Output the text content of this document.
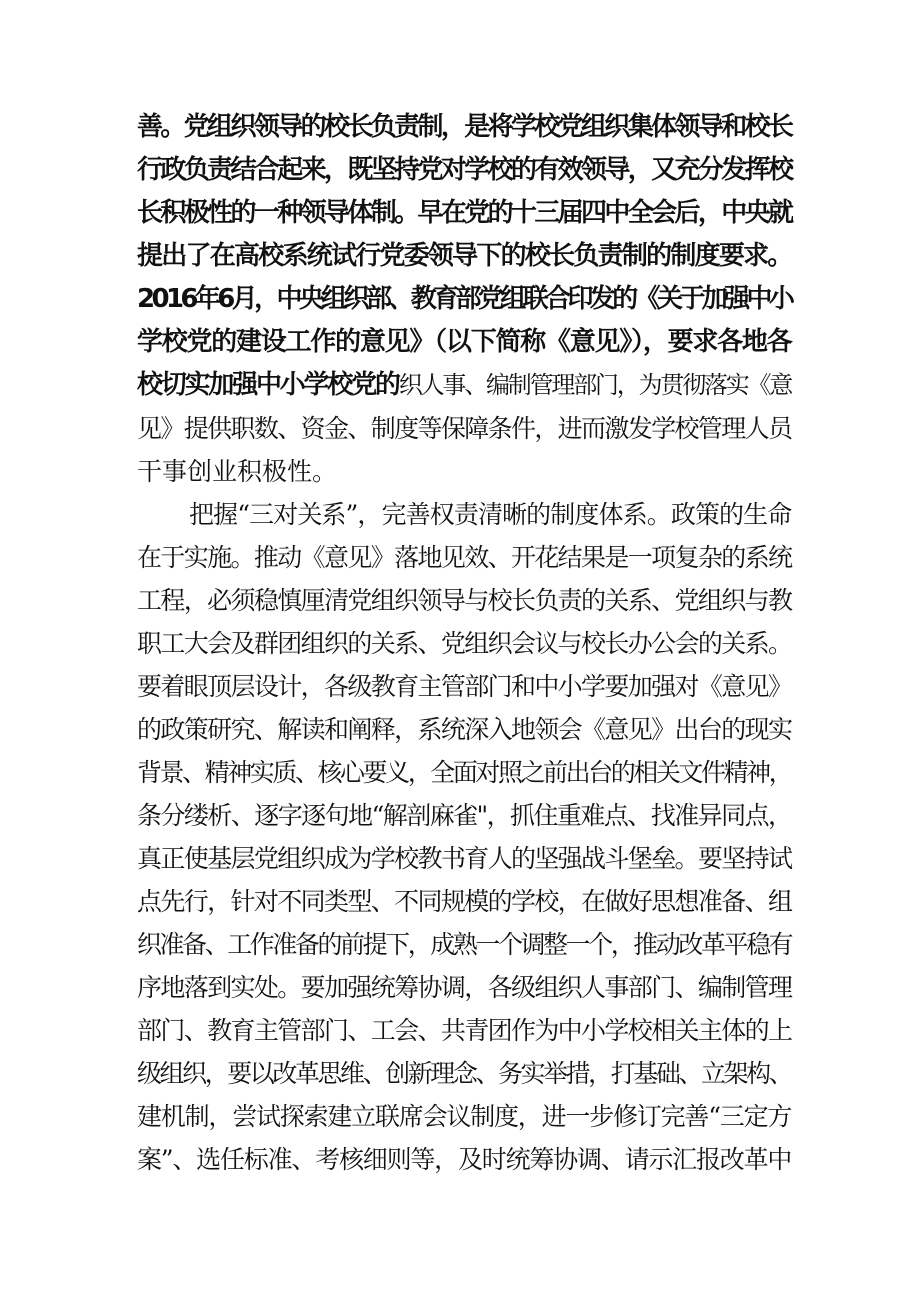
善。党组织领导的校长负责制，是将学校党组织集体领导和校长
行政负责结合起来，既坚持党对学校的有效领导，又充分发挥校
长积极性的一种领导体制。早在党的十三届四中全会后，中央就
提出了在高校系统试行党委领导下的校长负责制的制度要求。
2016年6月，中央组织部、教育部党组联合印发的《关于加强中小
学校党的建设工作的意见》（以下简称《意见》），要求各地各
校切实加强中小学校党的织人事、编制管理部门，为贯彻落实《意
见》提供职数、资金、制度等保障条件，进而激发学校管理人员
干事创业积极性。
把握“三对关系”，完善权责清晰的制度体系。政策的生命
在于实施。推动《意见》落地见效、开花结果是一项复杂的系统
工程，必须稳慎厘清党组织领导与校长负责的关系、党组织与教
职工大会及群团组织的关系、党组织会议与校长办公会的关系。
要着眼顶层设计，各级教育主管部门和中小学要加强对《意见》
的政策研究、解读和阐释，系统深入地领会《意见》出台的现实
背景、精神实质、核心要义，全面对照之前出台的相关文件精神，
条分缕析、逐字逐句地“解剖麻雀"，抓住重难点、找准异同点，
真正使基层党组织成为学校教书育人的坚强战斗堡垒。要坚持试
点先行，针对不同类型、不同规模的学校，在做好思想准备、组
织准备、工作准备的前提下，成熟一个调整一个，推动改革平稳有
序地落到实处。要加强统筹协调，各级组织人事部门、编制管理
部门、教育主管部门、工会、共青团作为中小学校相关主体的上
级组织，要以改革思维、创新理念、务实举措，打基础、立架构、
建机制，尝试探索建立联席会议制度，进一步修订完善“三定方
案”、选任标准、考核细则等，及时统筹协调、请示汇报改革中
